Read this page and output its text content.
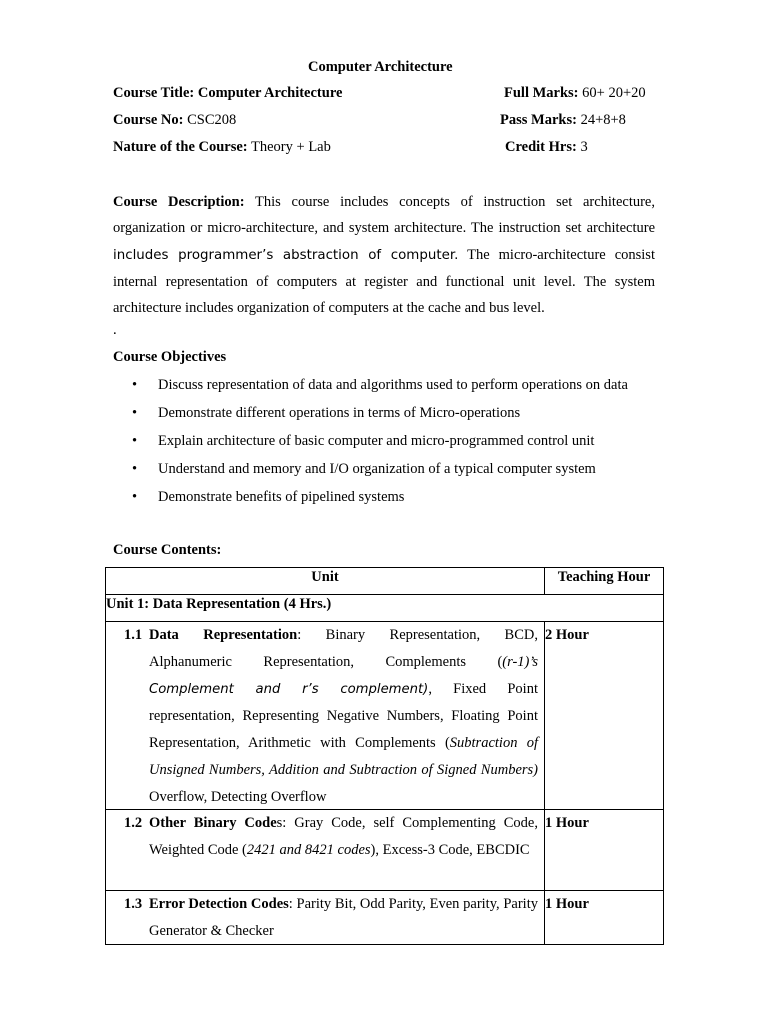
Computer Architecture
Course Title: Computer Architecture	Full Marks: 60+ 20+20
Course No: CSC208	Pass Marks: 24+8+8
Nature of the Course: Theory + Lab	Credit Hrs: 3
Course Description: This course includes concepts of instruction set architecture, organization or micro-architecture, and system architecture. The instruction set architecture includes programmer’s abstraction of computer. The micro-architecture consist internal representation of computers at register and functional unit level. The system architecture includes organization of computers at the cache and bus level.
.
Course Objectives
• Discuss representation of data and algorithms used to perform operations on data
• Demonstrate different operations in terms of Micro-operations
• Explain architecture of basic computer and micro-programmed control unit
• Understand and memory and I/O organization of a typical computer system
• Demonstrate benefits of pipelined systems
Course Contents:
Unit	Teaching Hour
Unit 1: Data Representation (4 Hrs.)	

1.1 Data Representation: Binary Representation, BCD, Alphanumeric Representation, Complements ((r-1)’s Complement and r’s complement), Fixed Point representation, Representing Negative Numbers, Floating Point Representation, Arithmetic with Complements (Subtraction of Unsigned Numbers, Addition and Subtraction of Signed Numbers) Overflow, Detecting Overflow	2 Hour

1.2 Other Binary Codes: Gray Code, self Complementing Code, Weighted Code (2421 and 8421 codes), Excess-3 Code, EBCDIC	1 Hour

1.3 Error Detection Codes: Parity Bit, Odd Parity, Even parity, Parity Generator & Checker	1 Hour
